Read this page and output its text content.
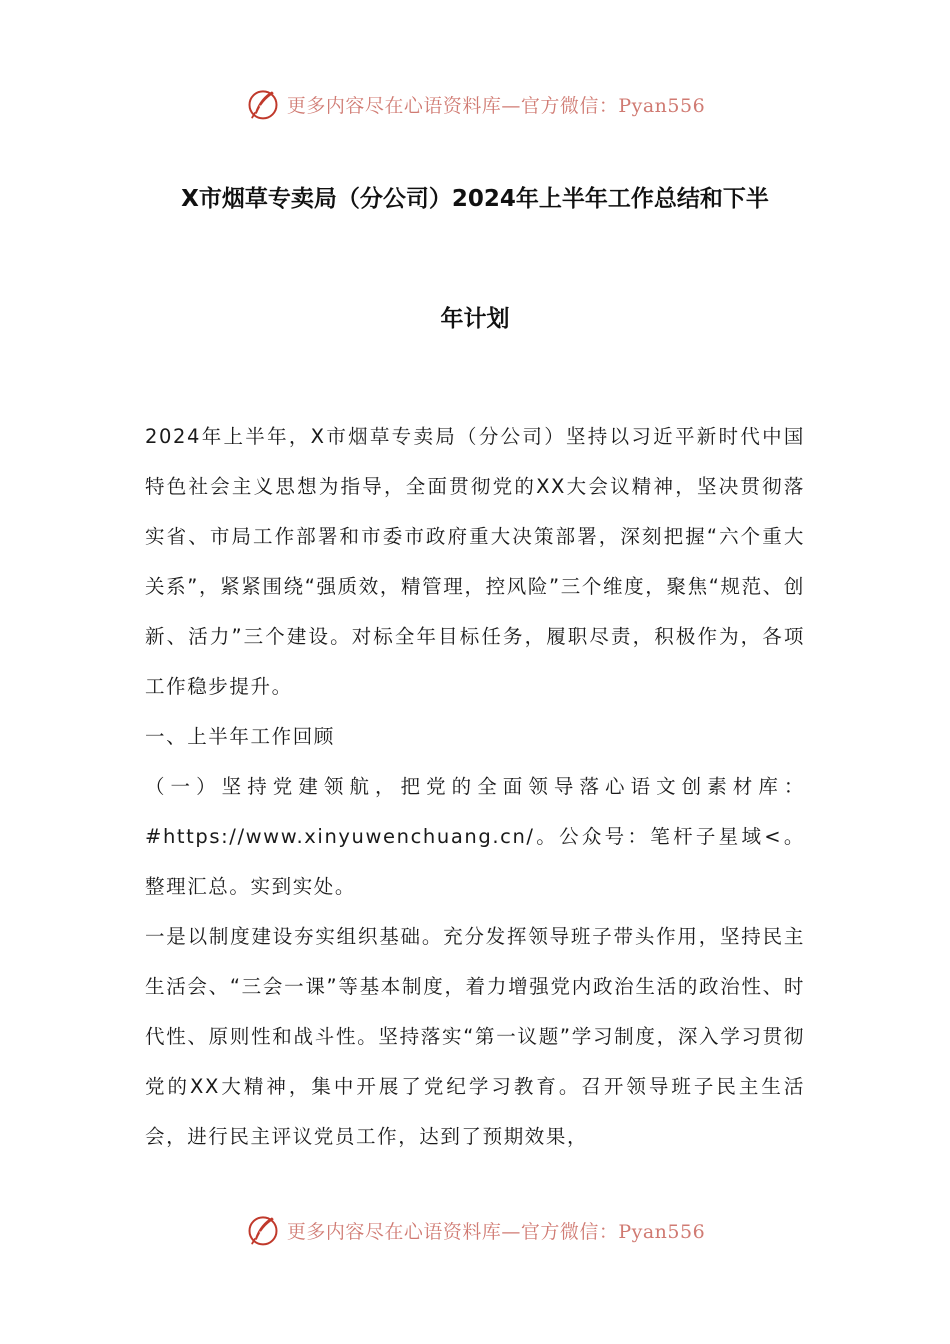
更多内容尽在心语资料库—官方微信：Pyan556
X市烟草专卖局（分公司）2024年上半年工作总结和下半
年计划

2024年上半年，X市烟草专卖局（分公司）坚持以习近平新时代中国特色社会主义思想为指导，全面贯彻党的XX大会议精神，坚决贯彻落实省、市局工作部署和市委市政府重大决策部署，深刻把握“六个重大关系”，紧紧围绕“强质效，精管理，控风险”三个维度，聚焦“规范、创新、活力”三个建设。对标全年目标任务，履职尽责，积极作为，各项工作稳步提升。

一、上半年工作回顾

（一）坚持党建领航，把党的全面领导落心语文创素材库：#https://www.xinyuwenchuang.cn/。公众号：笔杆子星域<。整理汇总。实到实处。

一是以制度建设夯实组织基础。充分发挥领导班子带头作用，坚持民主生活会、“三会一课”等基本制度，着力增强党内政治生活的政治性、时代性、原则性和战斗性。坚持落实“第一议题”学习制度，深入学习贯彻党的XX大精神，集中开展了党纪学习教育。召开领导班子民主生活会，进行民主评议党员工作，达到了预期效果，

更多内容尽在心语资料库—官方微信：Pyan556
